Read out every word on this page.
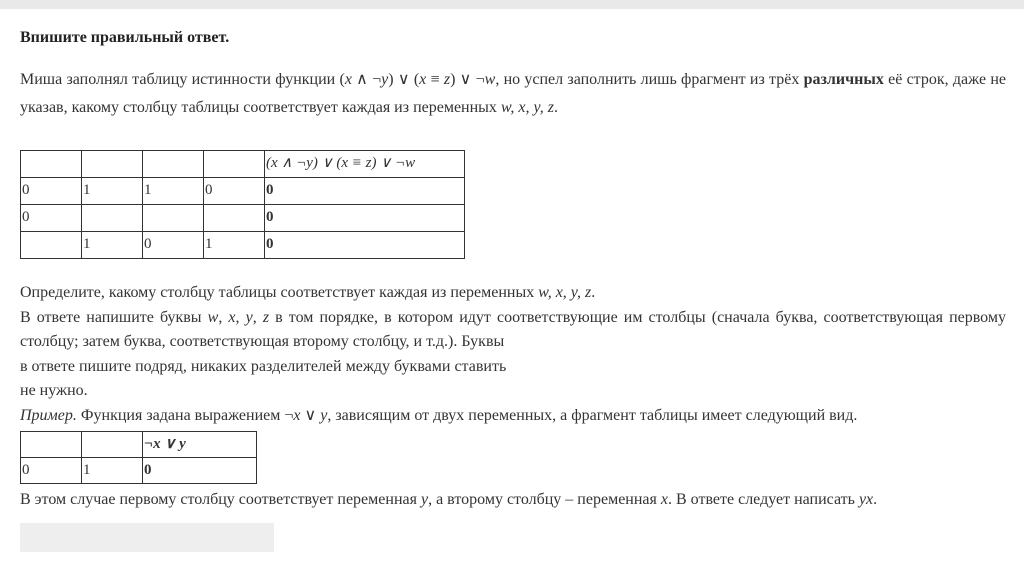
Впишите правильный ответ.

Миша заполнял таблицу истинности функции (x ∧ ¬y) ∨ (x ≡ z) ∨ ¬w, но успел заполнить лишь фрагмент из трёх различных её строк, даже не указав, какому столбцу таблицы соответствует каждая из переменных w, x, y, z.

				(x ∧ ¬y) ∨ (x ≡ z) ∨ ¬w
0	1	1	0	0
0				0
	1	0	1	0

Определите, какому столбцу таблицы соответствует каждая из переменных w, x, y, z.

В ответе напишите буквы w, x, y, z в том порядке, в котором идут соответствующие им столбцы (сначала буква, соответствующая первому столбцу; затем буква, соответствующая второму столбцу, и т.д.). Буквы

в ответе пишите подряд, никаких разделителей между буквами ставить

не нужно.

Пример. Функция задана выражением ¬x ∨ y, зависящим от двух переменных, а фрагмент таблицы имеет следующий вид.

		¬x ∨ y
0	1	0

В этом случае первому столбцу соответствует переменная y, а второму столбцу – переменная x. В ответе следует написать yx.
